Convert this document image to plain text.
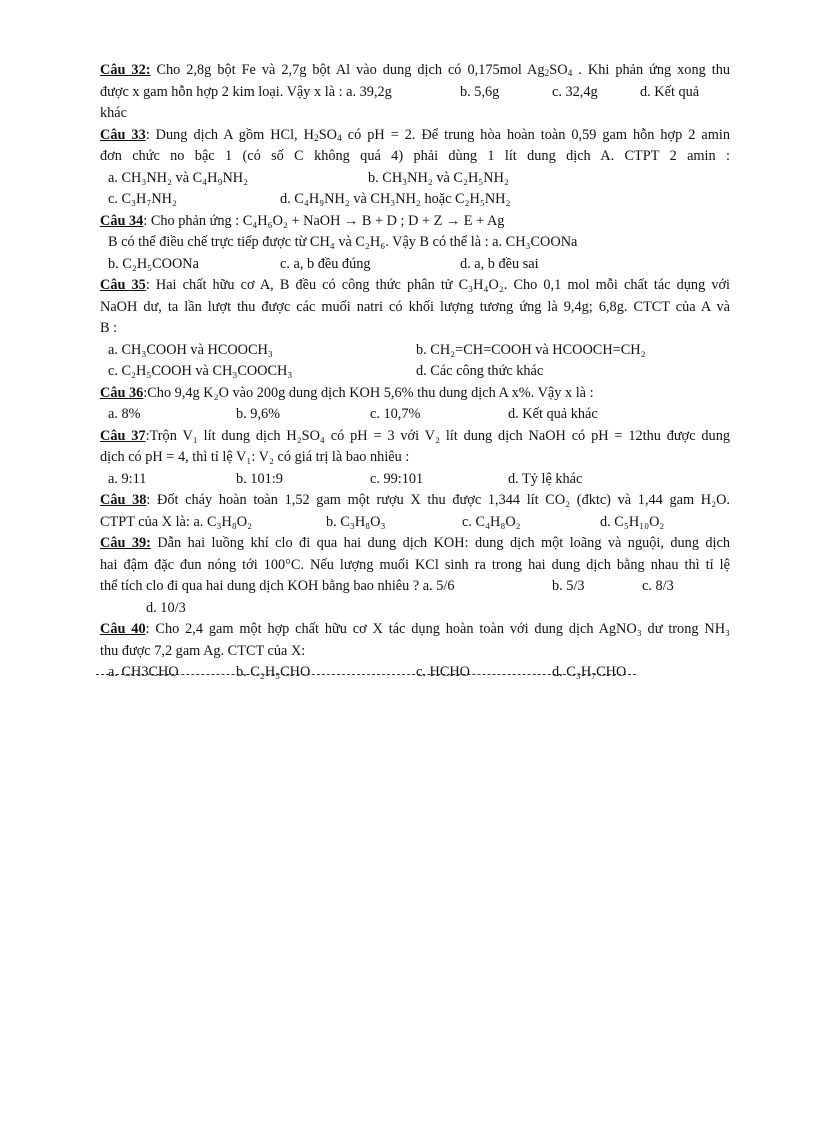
Câu 32: Cho 2,8g bột Fe và 2,7g bột Al vào dung dịch có 0,175mol $Ag_2SO_4$ . Khi phản ứng xong thu
được x gam hỗn hợp 2 kim loại. Vậy x là : a. 39,2g	b. 5,6g	c. 32,4g	d. Kết quả
khác
Câu 33: Dung dịch A gồm HCl, $H_2SO_4$ có pH = 2. Để trung hòa hoàn toàn 0,59 gam hỗn hợp 2 amin
đơn chức no bậc 1 (có số C không quá 4) phải dùng 1 lít dung dịch A. CTPT 2 amin :
a. CH₃NH₂ và C₄H₉NH₂	b. CH₃NH₂ và C₂H₅NH₂
c. C₃H₇NH₂	d. C₄H₉NH₂ và CH₃NH₂ hoặc C₂H₅NH₂
Câu 34: Cho phản ứng : C₄H₆O₂ + NaOH → B + D ; D + Z → E + Ag
B có thể điều chế trực tiếp được từ CH₄ và C₂H₆. Vậy B có thể là : a. CH₃COONa
b. C₂H₅COONa	c. a, b đều đúng	d. a, b đều sai
Câu 35: Hai chất hữu cơ A, B đều có công thức phân tử C₃H₄O₂. Cho 0,1 mol mỗi chất tác dụng với
NaOH dư, ta lần lượt thu được các muối natri có khối lượng tương ứng là 9,4g; 6,8g. CTCT của A và
B :
a. CH₃COOH và HCOOCH₃	b. CH₂=CH=COOH và HCOOCH=CH₂
c. C₂H₅COOH và CH₃COOCH₃	d. Các công thức khác
Câu 36:Cho 9,4g K₂O vào 200g dung dịch KOH 5,6% thu dung dịch A x%. Vậy x là :
a. 8%	b. 9,6%	c. 10,7%	d. Kết quả khác
Câu 37:Trộn V₁ lít dung dịch H₂SO₄ có pH = 3 với V₂ lít dung dịch NaOH có pH = 12thu được dung
dịch có pH = 4, thì tỉ lệ V₁: V₂ có giá trị là bao nhiêu :
a. 9:11	b. 101:9	c. 99:101	d. Tỷ lệ khác
Câu 38: Đốt cháy hoàn toàn 1,52 gam một rượu X thu được 1,344 lít CO₂ (đktc) và 1,44 gam H₂O.
CTPT của X là: a. C₃H₈O₂	b. C₃H₈O₃	c. C₄H₈O₂	d. C₅H₁₀O₂
Câu 39: Dẫn hai luồng khí clo đi qua hai dung dịch KOH: dung dịch một loãng và nguội, dung dịch
hai đậm đặc đun nóng tới 100°C. Nếu lượng muối KCl sinh ra trong hai dung dịch bằng nhau thì tỉ lệ
thể tích clo đi qua hai dung dịch KOH bằng bao nhiêu ? a. 5/6	b. 5/3	c. 8/3
d. 10/3
Câu 40: Cho 2,4 gam một hợp chất hữu cơ X tác dụng hoàn toàn với dung dịch AgNO₃ dư trong NH₃
thu được 7,2 gam Ag. CTCT của X:
a. CH3CHO	b. C₂H₅CHO	c. HCHO	d. C₃H₇CHO
